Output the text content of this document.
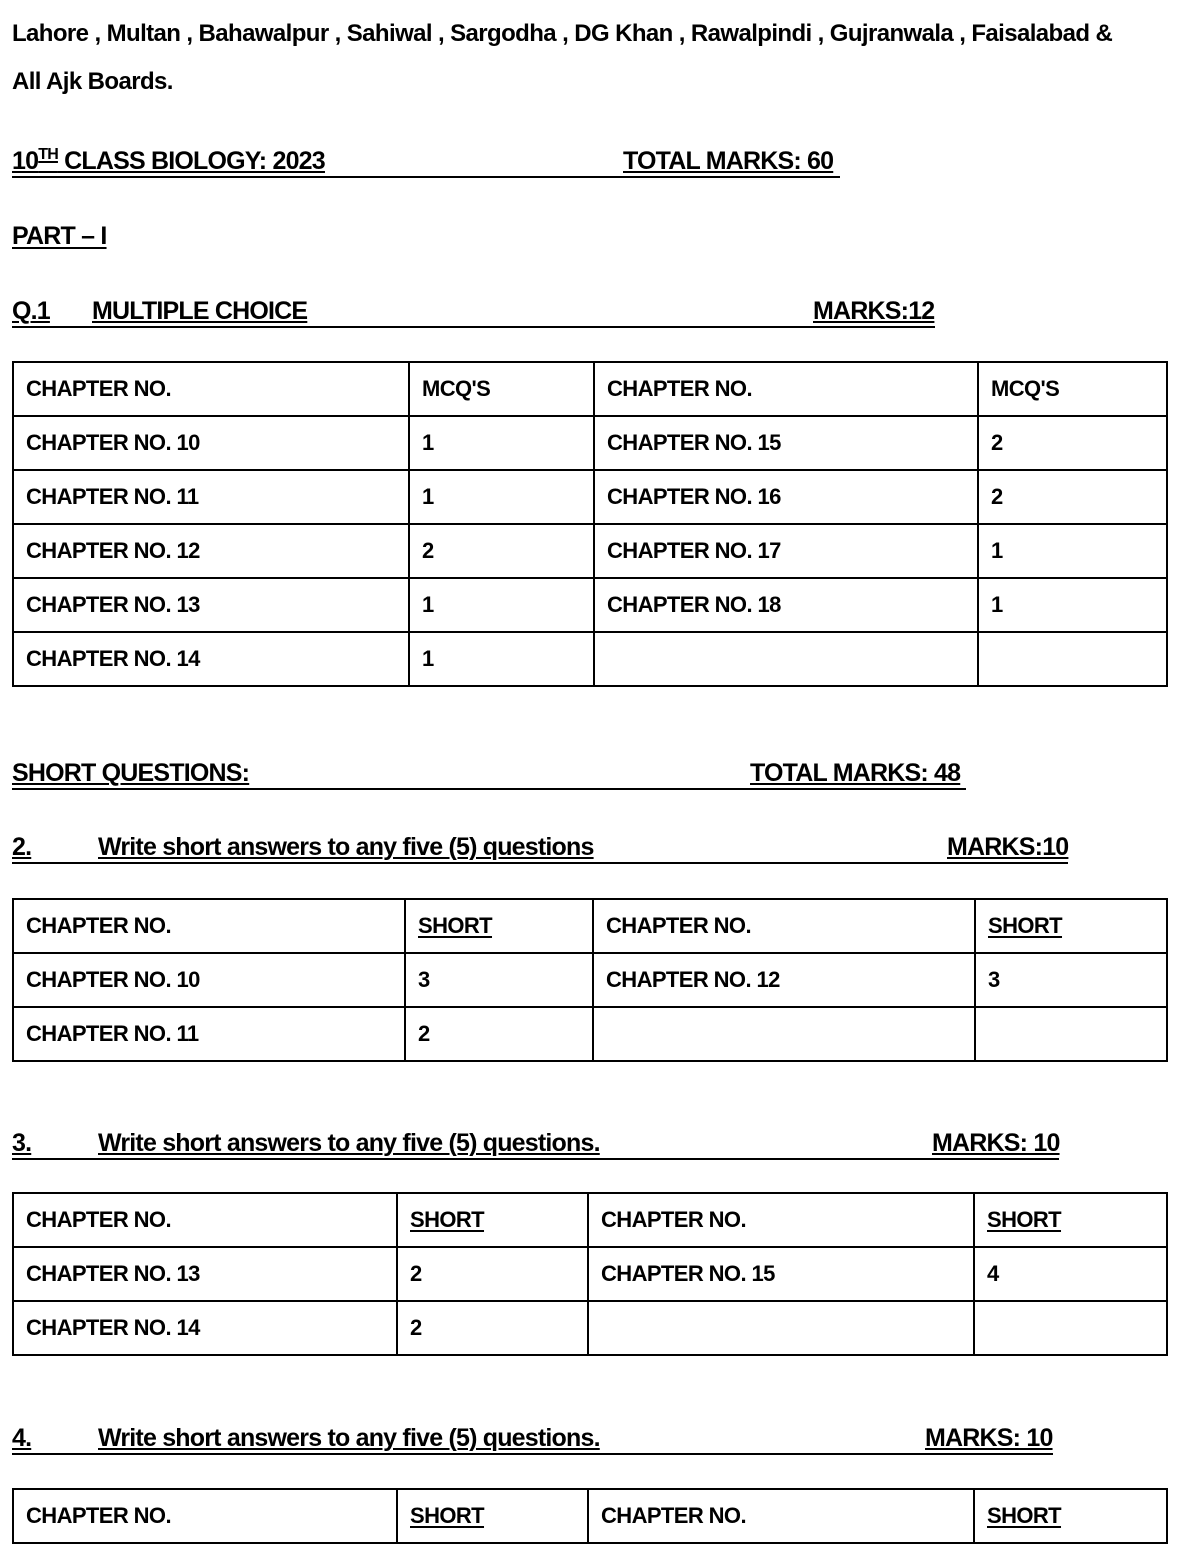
Lahore , Multan , Bahawalpur , Sahiwal , Sargodha , DG Khan , Rawalpindi , Gujranwala , Faisalabad &
All Ajk Boards.
10TH CLASS BIOLOGY: 2023	TOTAL MARKS: 60
PART – I
Q.1 MULTIPLE CHOICE	MARKS:12
CHAPTER NO.	MCQ'S	CHAPTER NO.	MCQ'S
CHAPTER NO. 10	1	CHAPTER NO. 15	2
CHAPTER NO. 11	1	CHAPTER NO. 16	2
CHAPTER NO. 12	2	CHAPTER NO. 17	1
CHAPTER NO. 13	1	CHAPTER NO. 18	1
CHAPTER NO. 14	1		
SHORT QUESTIONS:	TOTAL MARKS: 48
2.	Write short answers to any five (5) questions	MARKS:10
CHAPTER NO.	SHORT	CHAPTER NO.	SHORT
CHAPTER NO. 10	3	CHAPTER NO. 12	3
CHAPTER NO. 11	2		
3.	Write short answers to any five (5) questions.	MARKS: 10
CHAPTER NO.	SHORT	CHAPTER NO.	SHORT
CHAPTER NO. 13	2	CHAPTER NO. 15	4
CHAPTER NO. 14	2		
4.	Write short answers to any five (5) questions.	MARKS: 10
CHAPTER NO.	SHORT	CHAPTER NO.	SHORT
